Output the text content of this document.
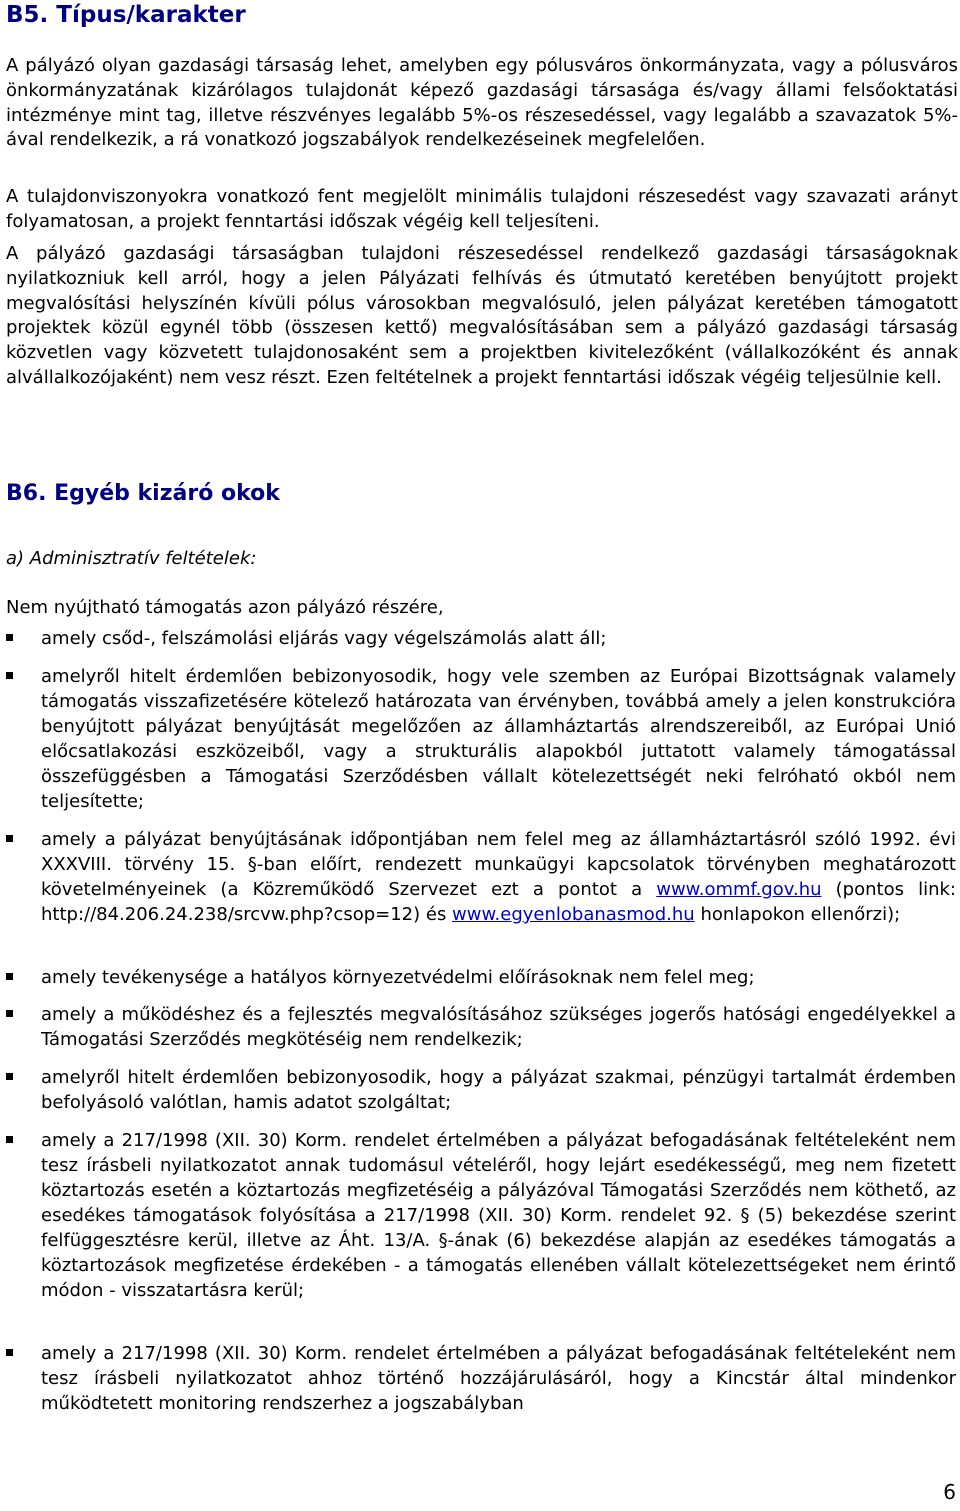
B5. Típus/karakter

A pályázó olyan gazdasági társaság lehet, amelyben egy pólusváros önkormányzata, vagy a pólusváros önkormányzatának kizárólagos tulajdonát képező gazdasági társasága és/vagy állami felsőoktatási intézménye mint tag, illetve részvényes legalább 5%-os részesedéssel, vagy legalább a szavazatok 5%-ával rendelkezik, a rá vonatkozó jogszabályok rendelkezéseinek megfelelően.

A tulajdonviszonyokra vonatkozó fent megjelölt minimális tulajdoni részesedést vagy szavazati arányt folyamatosan, a projekt fenntartási időszak végéig kell teljesíteni.

A pályázó gazdasági társaságban tulajdoni részesedéssel rendelkező gazdasági társaságoknak nyilatkozniuk kell arról, hogy a jelen Pályázati felhívás és útmutató keretében benyújtott projekt megvalósítási helyszínén kívüli pólus városokban megvalósuló, jelen pályázat keretében támogatott projektek közül egynél több (összesen kettő) megvalósításában sem a pályázó gazdasági társaság közvetlen vagy közvetett tulajdonosaként sem a projektben kivitelezőként (vállalkozóként és annak alvállalkozójaként) nem vesz részt. Ezen feltételnek a projekt fenntartási időszak végéig teljesülnie kell.

B6. Egyéb kizáró okok

a) Adminisztratív feltételek:

Nem nyújtható támogatás azon pályázó részére,

amely csőd-, felszámolási eljárás vagy végelszámolás alatt áll;
amelyről hitelt érdemlően bebizonyosodik, hogy vele szemben az Európai Bizottságnak valamely támogatás visszafizetésére kötelező határozata van érvényben, továbbá amely a jelen konstrukcióra benyújtott pályázat benyújtását megelőzően az államháztartás alrendszereiből, az Európai Unió előcsatlakozási eszközeiből, vagy a strukturális alapokból juttatott valamely támogatással összefüggésben a Támogatási Szerződésben vállalt kötelezettségét neki felróható okból nem teljesítette;
amely a pályázat benyújtásának időpontjában nem felel meg az államháztartásról szóló 1992. évi XXXVIII. törvény 15. §-ban előírt, rendezett munkaügyi kapcsolatok törvényben meghatározott követelményeinek (a Közreműködő Szervezet ezt a pontot a www.ommf.gov.hu (pontos link: http://84.206.24.238/srcvw.php?csop=12) és www.egyenlobanasmod.hu honlapokon ellenőrzi);
amely tevékenysége a hatályos környezetvédelmi előírásoknak nem felel meg;
amely a működéshez és a fejlesztés megvalósításához szükséges jogerős hatósági engedélyekkel a Támogatási Szerződés megkötéséig nem rendelkezik;
amelyről hitelt érdemlően bebizonyosodik, hogy a pályázat szakmai, pénzügyi tartalmát érdemben befolyásoló valótlan, hamis adatot szolgáltat;
amely a 217/1998 (XII. 30) Korm. rendelet értelmében a pályázat befogadásának feltételeként nem tesz írásbeli nyilatkozatot annak tudomásul vételéről, hogy lejárt esedékességű, meg nem fizetett köztartozás esetén a köztartozás megfizetéséig a pályázóval Támogatási Szerződés nem köthető, az esedékes támogatások folyósítása a 217/1998 (XII. 30) Korm. rendelet 92. § (5) bekezdése szerint felfüggesztésre kerül, illetve az Áht. 13/A. §-ának (6) bekezdése alapján az esedékes támogatás a köztartozások megfizetése érdekében - a támogatás ellenében vállalt kötelezettségeket nem érintő módon - visszatartásra kerül;
amely a 217/1998 (XII. 30) Korm. rendelet értelmében a pályázat befogadásának feltételeként nem tesz írásbeli nyilatkozatot ahhoz történő hozzájárulásáról, hogy a Kincstár által mindenkor működtetett monitoring rendszerhez a jogszabályban
6
